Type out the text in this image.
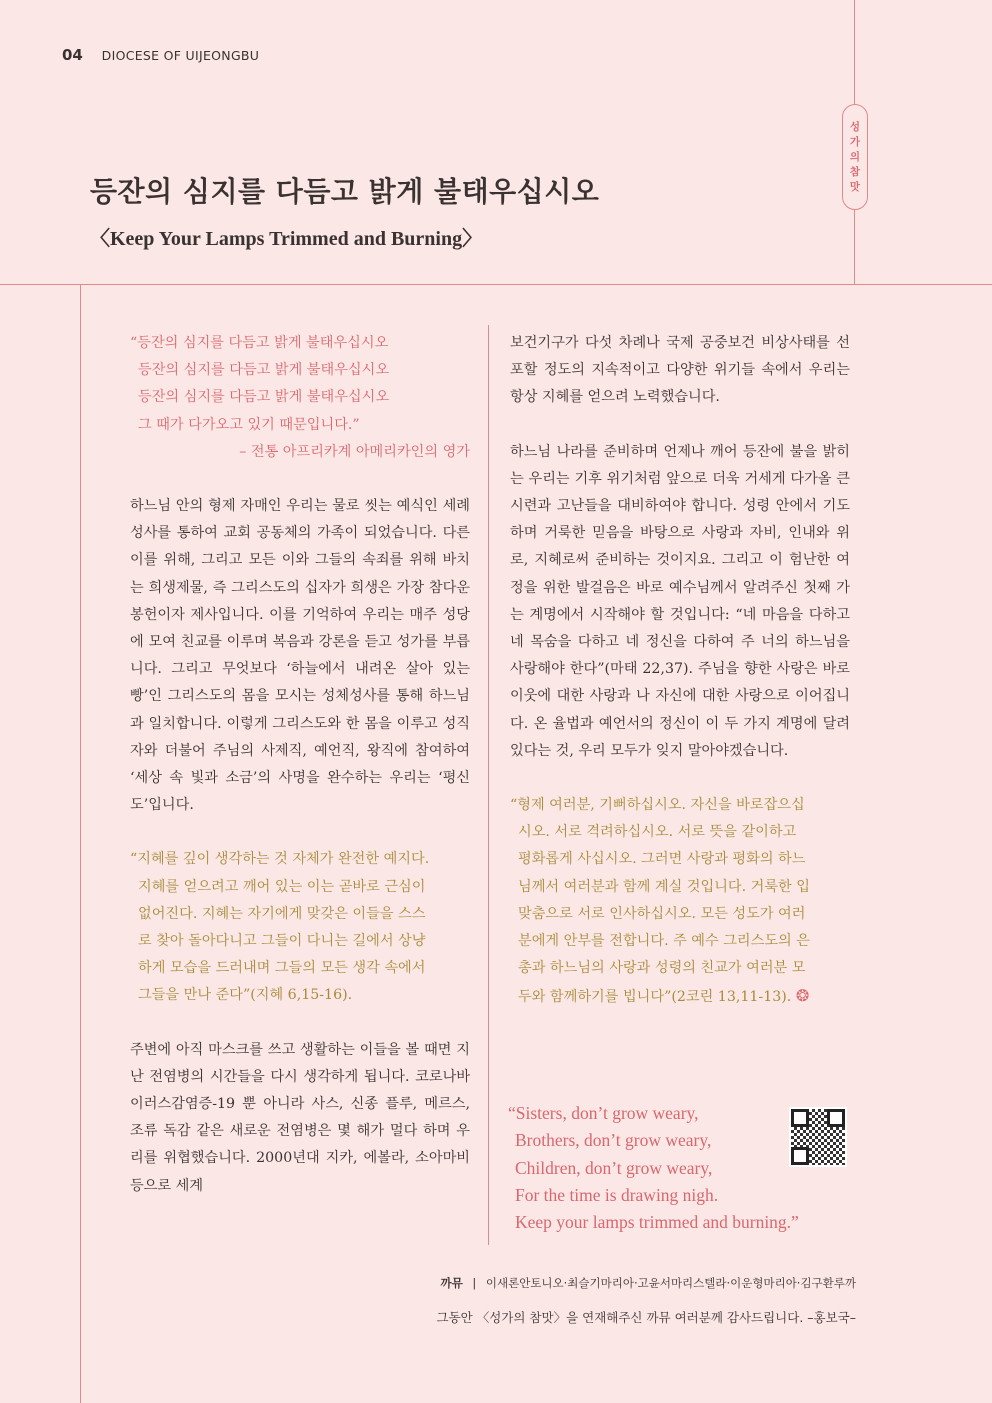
04 DIOCESE OF UIJEONGBU
성
가
의
참
맛
등잔의 심지를 다듬고 밝게 불태우십시오
〈Keep Your Lamps Trimmed and Burning〉

“등잔의 심지를 다듬고 밝게 불태우십시오
등잔의 심지를 다듬고 밝게 불태우십시오
등잔의 심지를 다듬고 밝게 불태우십시오
그 때가 다가오고 있기 때문입니다.”
– 전통 아프리카계 아메리카인의 영가

하느님 안의 형제 자매인 우리는 물로 씻는 예식인 세례성사를 통하여 교회 공동체의 가족이 되었습니다. 다른 이를 위해, 그리고 모든 이와 그들의 속죄를 위해 바치는 희생제물, 즉 그리스도의 십자가 희생은 가장 참다운 봉헌이자 제사입니다. 이를 기억하여 우리는 매주 성당에 모여 친교를 이루며 복음과 강론을 듣고 성가를 부릅니다. 그리고 무엇보다 ‘하늘에서 내려온 살아 있는 빵’인 그리스도의 몸을 모시는 성체성사를 통해 하느님과 일치합니다. 이렇게 그리스도와 한 몸을 이루고 성직자와 더불어 주님의 사제직, 예언직, 왕직에 참여하여 ‘세상 속 빛과 소금’의 사명을 완수하는 우리는 ‘평신도’입니다.

“지혜를 깊이 생각하는 것 자체가 완전한 예지다.
지혜를 얻으려고 깨어 있는 이는 곧바로 근심이
없어진다. 지혜는 자기에게 맞갖은 이들을 스스
로 찾아 돌아다니고 그들이 다니는 길에서 상냥
하게 모습을 드러내며 그들의 모든 생각 속에서
그들을 만나 준다”(지혜 6,15-16).

주변에 아직 마스크를 쓰고 생활하는 이들을 볼 때면 지난 전염병의 시간들을 다시 생각하게 됩니다. 코로나바이러스감염증-19 뿐 아니라 사스, 신종 플루, 메르스, 조류 독감 같은 새로운 전염병은 몇 해가 멀다 하며 우리를 위협했습니다. 2000년대 지카, 에볼라, 소아마비 등으로 세계

보건기구가 다섯 차례나 국제 공중보건 비상사태를 선포할 정도의 지속적이고 다양한 위기들 속에서 우리는 항상 지혜를 얻으려 노력했습니다.

하느님 나라를 준비하며 언제나 깨어 등잔에 불을 밝히는 우리는 기후 위기처럼 앞으로 더욱 거세게 다가올 큰 시련과 고난들을 대비하여야 합니다. 성령 안에서 기도하며 거룩한 믿음을 바탕으로 사랑과 자비, 인내와 위로, 지혜로써 준비하는 것이지요. 그리고 이 험난한 여정을 위한 발걸음은 바로 예수님께서 알려주신 첫째 가는 계명에서 시작해야 할 것입니다: “네 마음을 다하고 네 목숨을 다하고 네 정신을 다하여 주 너의 하느님을 사랑해야 한다”(마태 22,37). 주님을 향한 사랑은 바로 이웃에 대한 사랑과 나 자신에 대한 사랑으로 이어집니다. 온 율법과 예언서의 정신이 이 두 가지 계명에 달려 있다는 것, 우리 모두가 잊지 말아야겠습니다.

“형제 여러분, 기뻐하십시오. 자신을 바로잡으십
시오. 서로 격려하십시오. 서로 뜻을 같이하고
평화롭게 사십시오. 그러면 사랑과 평화의 하느
님께서 여러분과 함께 계실 것입니다. 거룩한 입
맞춤으로 서로 인사하십시오. 모든 성도가 여러
분에게 안부를 전합니다. 주 예수 그리스도의 은
총과 하느님의 사랑과 성령의 친교가 여러분 모
두와 함께하기를 빕니다”(2코린 13,11-13). ❂

“Sisters, don’t grow weary,
Brothers, don’t grow weary,
Children, don’t grow weary,
For the time is drawing nigh.
Keep your lamps trimmed and burning.”
까뮤 | 이새론안토니오·최슬기마리아·고윤서마리스텔라·이운형마리아·김구환루까
그동안 〈성가의 참맛〉을 연재해주신 까뮤 여러분께 감사드립니다. –홍보국–
